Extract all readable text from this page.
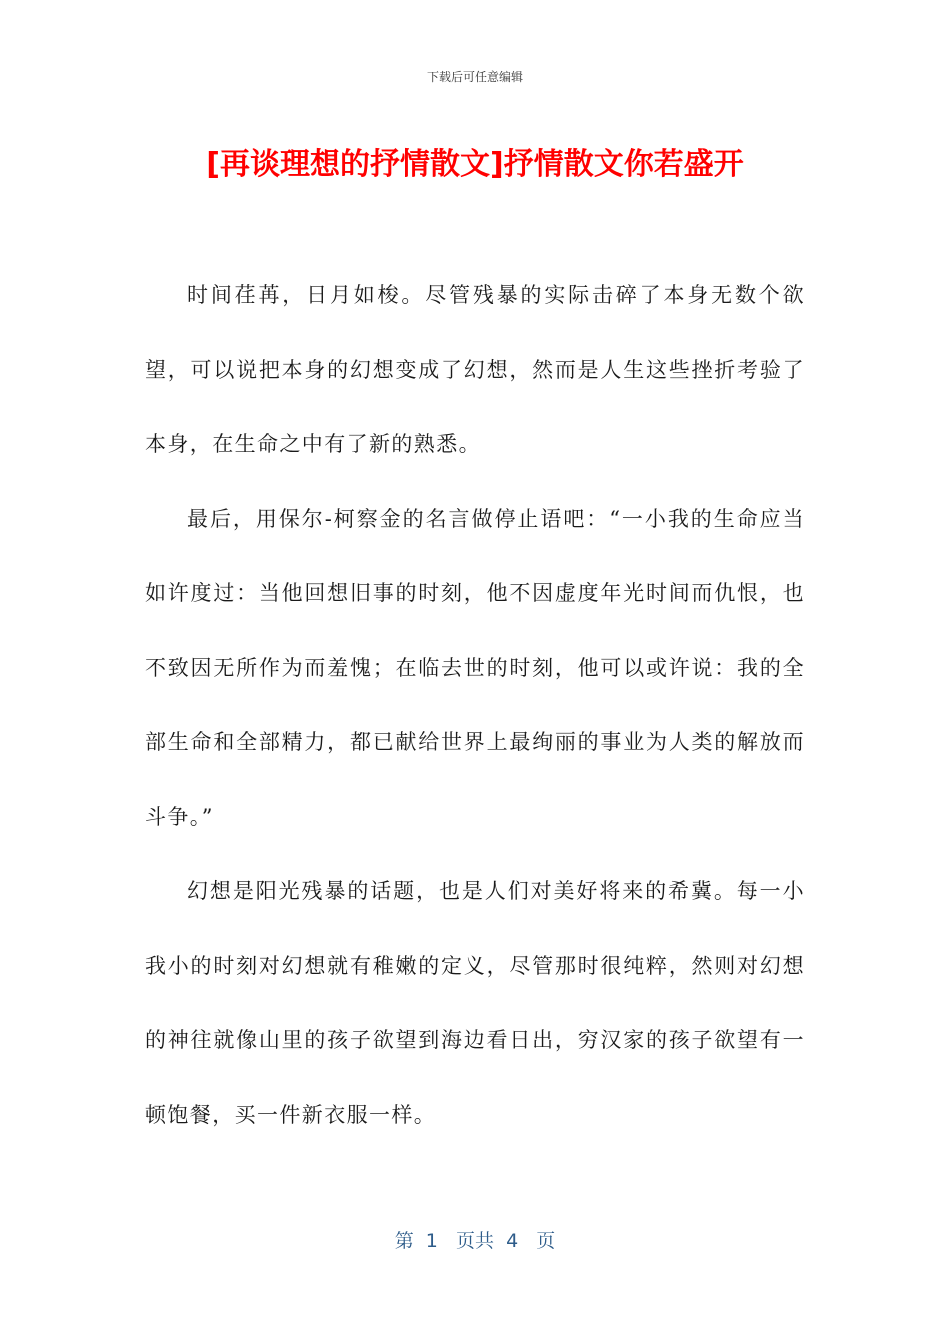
下载后可任意编辑
[再谈理想的抒情散文]抒情散文你若盛开

时间荏苒，日月如梭。尽管残暴的实际击碎了本身无数个欲望，可以说把本身的幻想变成了幻想，然而是人生这些挫折考验了本身，在生命之中有了新的熟悉。

最后，用保尔-柯察金的名言做停止语吧：“一小我的生命应当如许度过：当他回想旧事的时刻，他不因虚度年光时间而仇恨，也不致因无所作为而羞愧；在临去世的时刻，他可以或许说：我的全部生命和全部精力，都已献给世界上最绚丽的事业为人类的解放而斗争。”

幻想是阳光残暴的话题，也是人们对美好将来的希冀。每一小我小的时刻对幻想就有稚嫩的定义，尽管那时很纯粹，然则对幻想的神往就像山里的孩子欲望到海边看日出，穷汉家的孩子欲望有一顿饱餐，买一件新衣服一样。

第  1   页共  4   页
